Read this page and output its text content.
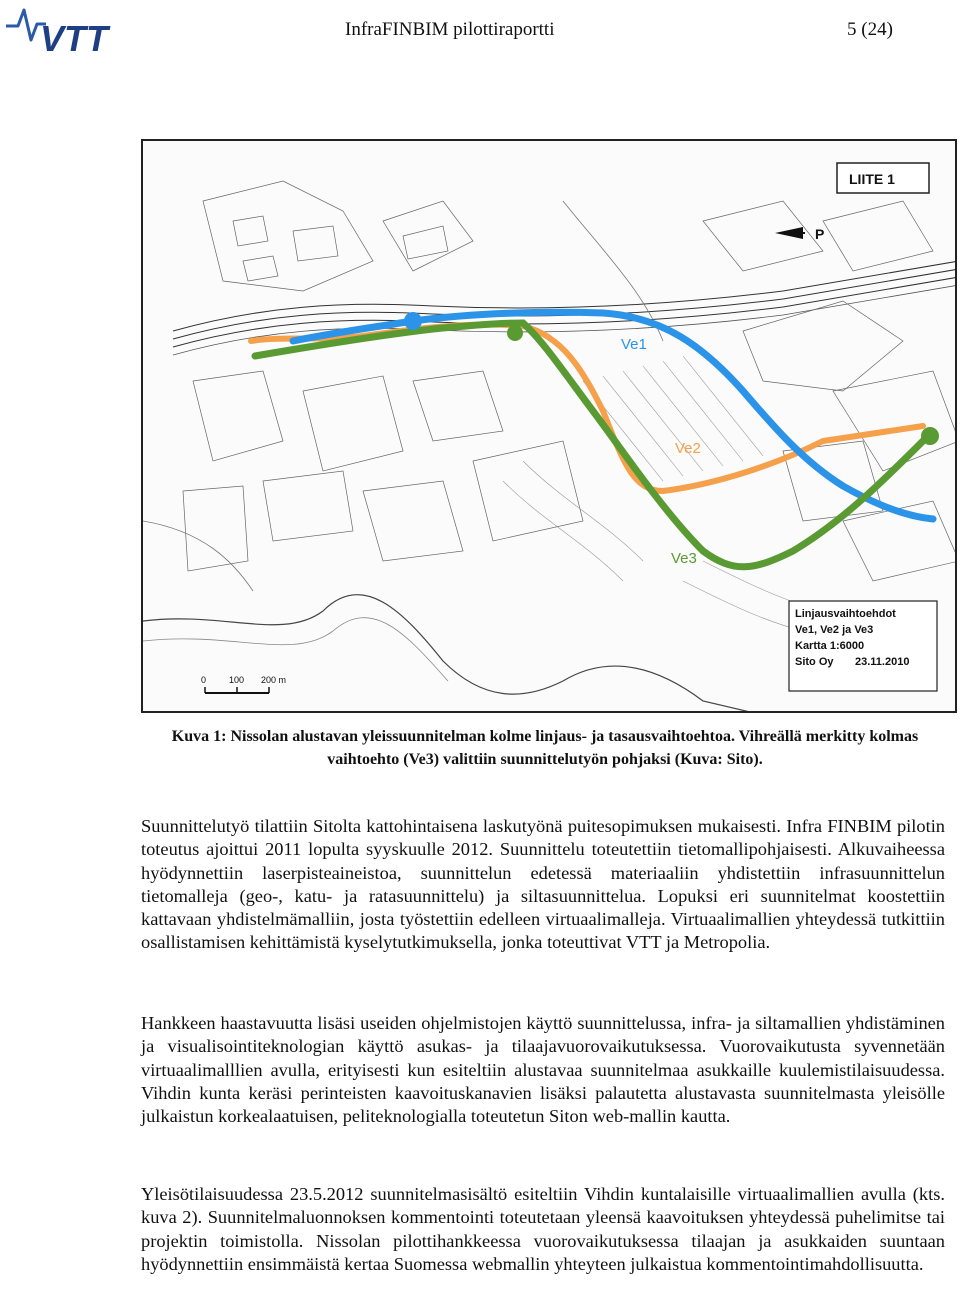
VTT	InfraFINBIM pilottiraportti	5 (24)
Ve1
Ve2
Ve3
LIITE 1
P
0	100 200 m
Linjausvaihtoehdot
Ve1, Ve2 ja Ve3
Kartta 1:6000
Sito Oy 23.11.2010
Kuva 1: Nissolan alustavan yleissuunnitelman kolme linjaus- ja tasausvaihtoehtoa. Vihreällä merkitty kolmas vaihtoehto (Ve3) valittiin suunnittelutyön pohjaksi (Kuva: Sito).

Suunnittelutyö tilattiin Sitolta kattohintaisena laskutyönä puitesopimuksen mukaisesti. Infra FINBIM pilotin toteutus ajoittui 2011 lopulta syyskuulle 2012. Suunnittelu toteutettiin tietomallipohjaisesti. Alkuvaiheessa hyödynnettiin laserpisteaineistoa, suunnittelun edetessä materiaaliin yhdistettiin infrasuunnittelun tietomalleja (geo-, katu- ja ratasuunnittelu) ja siltasuunnittelua. Lopuksi eri suunnitelmat koostettiin kattavaan yhdistelmämalliin, josta työstettiin edelleen virtuaalimalleja. Virtuaalimallien yhteydessä tutkittiin osallistamisen kehittämistä kyselytutkimuksella, jonka toteuttivat VTT ja Metropolia.

Hankkeen haastavuutta lisäsi useiden ohjelmistojen käyttö suunnittelussa, infra- ja siltamallien yhdistäminen ja visualisointiteknologian käyttö asukas- ja tilaajavuorovaikutuksessa. Vuorovaikutusta syvennetään virtuaalimalllien avulla, erityisesti kun esiteltiin alustavaa suunnitelmaa asukkaille kuulemistilaisuudessa. Vihdin kunta keräsi perinteisten kaavoituskanavien lisäksi palautetta alustavasta suunnitelmasta yleisölle julkaistun korkealaatuisen, peliteknologialla toteutetun Siton web-mallin kautta.

Yleisötilaisuudessa 23.5.2012 suunnitelmasisältö esiteltiin Vihdin kuntalaisille virtuaalimallien avulla (kts. kuva 2). Suunnitelmaluonnoksen kommentointi toteutetaan yleensä kaavoituksen yhteydessä puhelimitse tai projektin toimistolla. Nissolan pilottihankkeessa vuorovaikutuksessa tilaajan ja asukkaiden suuntaan hyödynnettiin ensimmäistä kertaa Suomessa webmallin yhteyteen julkaistua kommentointimahdollisuutta.
